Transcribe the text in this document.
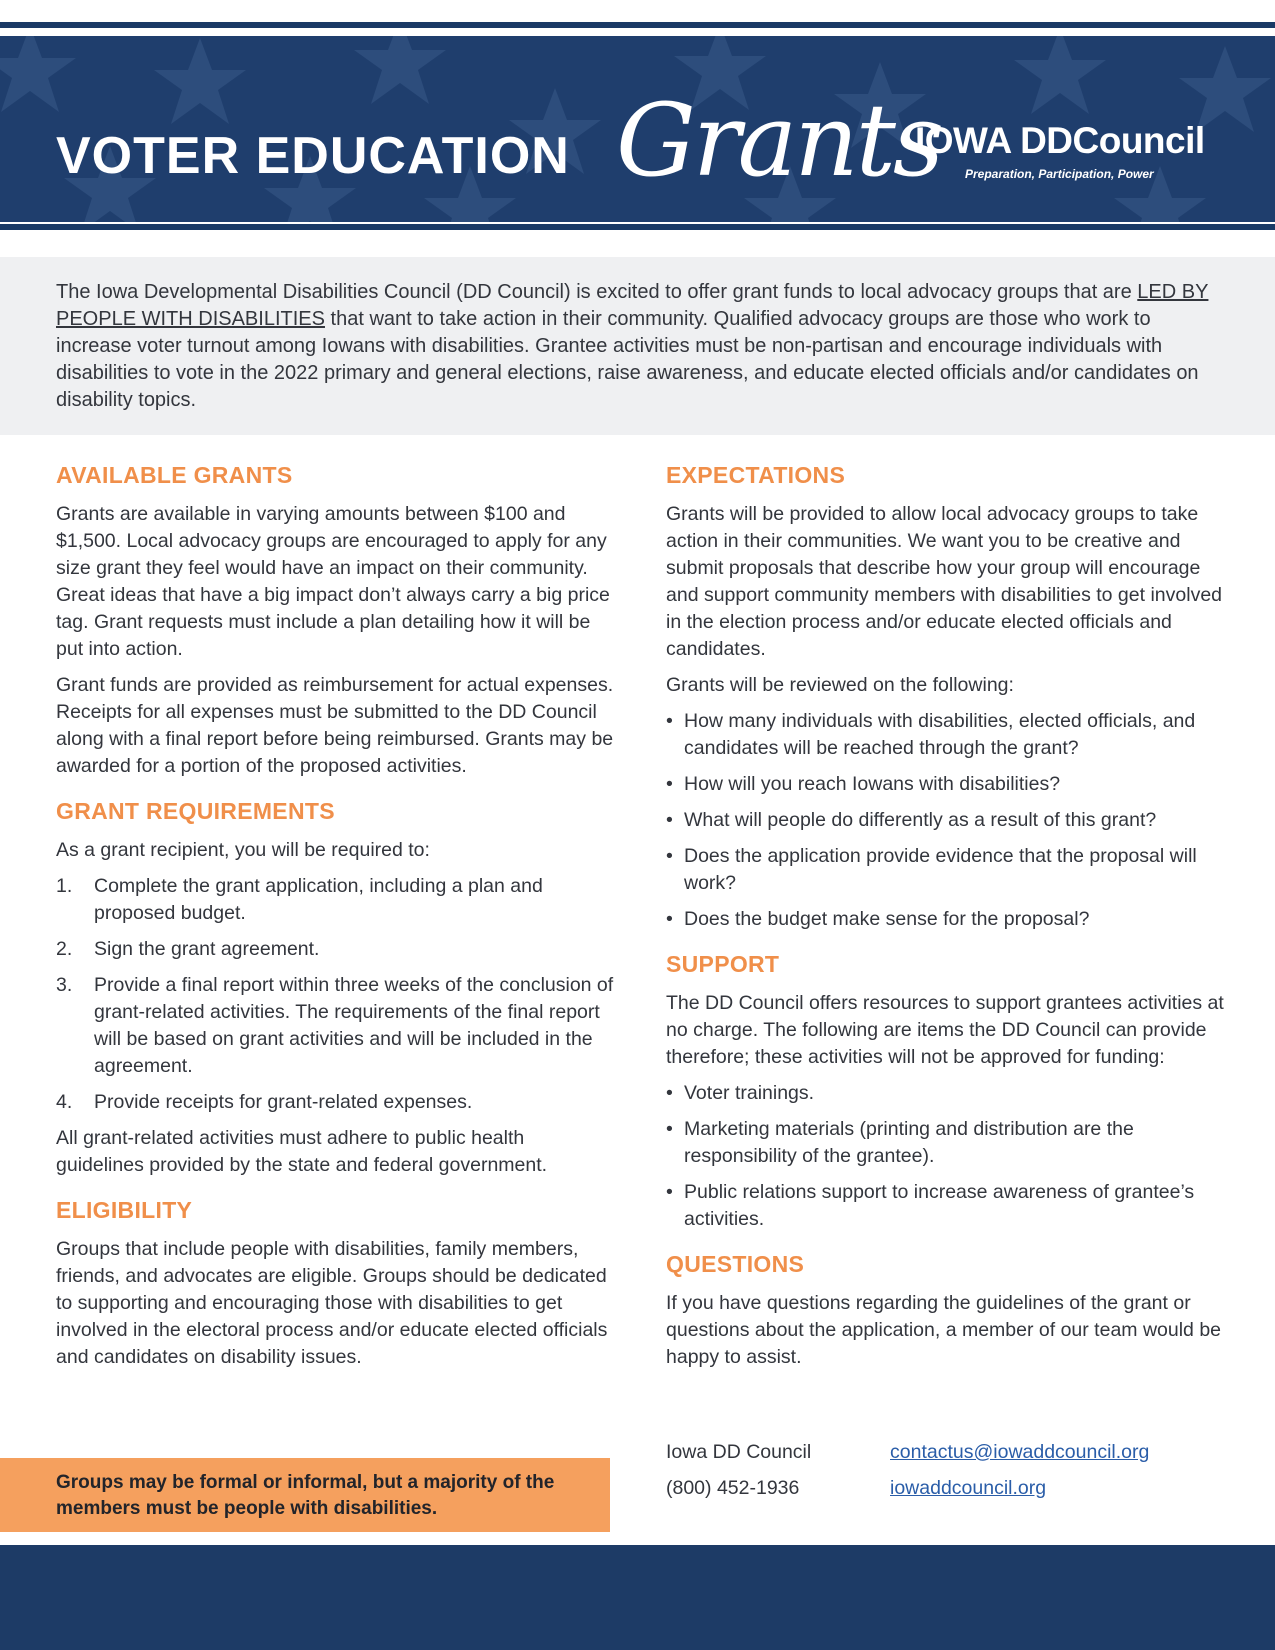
VOTER EDUCATION Grants
IOWA DDCouncil
Preparation, Participation, Power

The Iowa Developmental Disabilities Council (DD Council) is excited to offer grant funds to local advocacy groups that are LED BY PEOPLE WITH DISABILITIES that want to take action in their community. Qualified advocacy groups are those who work to increase voter turnout among Iowans with disabilities. Grantee activities must be non-partisan and encourage individuals with disabilities to vote in the 2022 primary and general elections, raise awareness, and educate elected officials and/or candidates on disability topics.

AVAILABLE GRANTS

Grants are available in varying amounts between $100 and $1,500. Local advocacy groups are encouraged to apply for any size grant they feel would have an impact on their community. Great ideas that have a big impact don’t always carry a big price tag. Grant requests must include a plan detailing how it will be put into action.

Grant funds are provided as reimbursement for actual expenses. Receipts for all expenses must be submitted to the DD Council along with a final report before being reimbursed. Grants may be awarded for a portion of the proposed activities.

GRANT REQUIREMENTS

As a grant recipient, you will be required to:

1. Complete the grant application, including a plan and proposed budget.
2. Sign the grant agreement.
3. Provide a final report within three weeks of the conclusion of grant-related activities. The requirements of the final report will be based on grant activities and will be included in the agreement.
4. Provide receipts for grant-related expenses.

All grant-related activities must adhere to public health guidelines provided by the state and federal government.

ELIGIBILITY

Groups that include people with disabilities, family members, friends, and advocates are eligible. Groups should be dedicated to supporting and encouraging those with disabilities to get involved in the electoral process and/or educate elected officials and candidates on disability issues.

Groups may be formal or informal, but a majority of the members must be people with disabilities.

EXPECTATIONS

Grants will be provided to allow local advocacy groups to take action in their communities. We want you to be creative and submit proposals that describe how your group will encourage and support community members with disabilities to get involved in the election process and/or educate elected officials and candidates.

Grants will be reviewed on the following:

• How many individuals with disabilities, elected officials, and candidates will be reached through the grant?
• How will you reach Iowans with disabilities?
• What will people do differently as a result of this grant?
• Does the application provide evidence that the proposal will work?
• Does the budget make sense for the proposal?
SUPPORT

The DD Council offers resources to support grantees activities at no charge. The following are items the DD Council can provide therefore; these activities will not be approved for funding:

• Voter trainings.
• Marketing materials (printing and distribution are the responsibility of the grantee).
• Public relations support to increase awareness of grantee’s activities.
QUESTIONS

If you have questions regarding the guidelines of the grant or questions about the application, a member of our team would be happy to assist.

Iowa DD Council
(800) 452-1936
contactus@iowaddcouncil.org
iowaddcouncil.org
